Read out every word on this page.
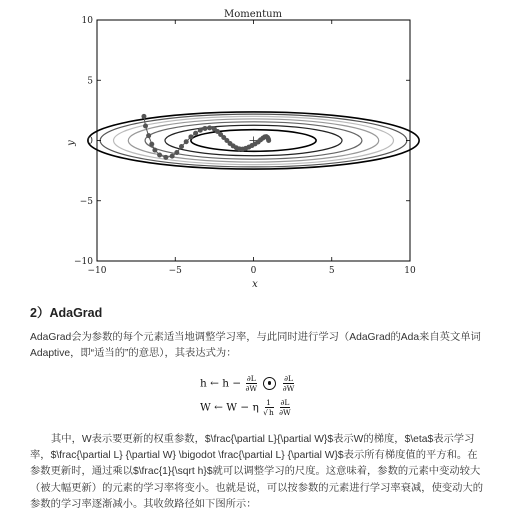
−10	−5	0	5	10
10
5
0
−5
−10
Momentum
x
y
2）AdaGrad
AdaGrad会为参数的每个元素适当地调整学习率，与此同时进行学习（AdaGrad的Ada来自英文单词Adaptive，即“适当的”的意思），其表达式为：
h ← $h - \frac{\partial L}{\partial W}$
	$\frac{\partial L}{\partial W}$
W ← W − η $\frac{1}{√h}$
$\frac{\partial L}{\partial W}$
其中，W表示要更新的权重参数，$\frac{\partial L}{\partial W}$表示W的梯度，$\eta$表示学习率，$\frac{\partial L} {\partial W} \bigodot \frac{\partial L} {\partial W}$表示所有梯度值的平方和。在参数更新时，通过乘以$\frac{1}{\sqrt h}$就可以调整学习的尺度。这意味着，参数的元素中变动较大（被大幅更新）的元素的学习率将变小。也就是说，可以按参数的元素进行学习率衰减，使变动大的参数的学习率逐渐减小。其收敛路径如下图所示：
